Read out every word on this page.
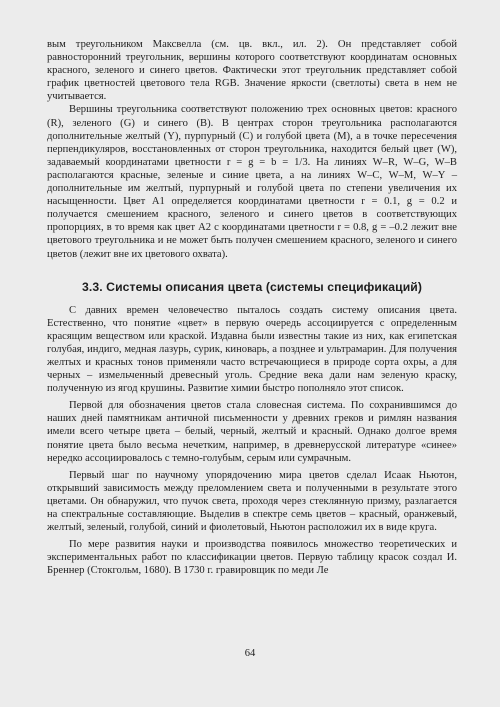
вым треугольником Максвелла (см. цв. вкл., ил. 2). Он представляет собой равносторонний треугольник, вершины которого соответствуют координатам основных красного, зеленого и синего цветов. Фактически этот треугольник представляет собой график цветностей цветового тела RGB. Значение яркости (светлоты) света в нем не учитывается.

Вершины треугольника соответствуют положению трех основных цветов: красного (R), зеленого (G) и синего (B). В центрах сторон треугольника располагаются дополнительные желтый (Y), пурпурный (C) и голубой цвета (M), а в точке пересечения перпендикуляров, восстановленных от сторон треугольника, находится белый цвет (W), задаваемый координатами цветности r = g = b = 1/3. На линиях W–R, W–G, W–B располагаются красные, зеленые и синие цвета, а на линиях W–C, W–M, W–Y – дополнительные им желтый, пурпурный и голубой цвета по степени увеличения их насыщенности. Цвет A1 определяется координатами цветности r = 0.1, g = 0.2 и получается смешением красного, зеленого и синего цветов в соответствующих пропорциях, в то время как цвет A2 с координатами цветности r = 0.8, g = –0.2 лежит вне цветового треугольника и не может быть получен смешением красного, зеленого и синего цветов (лежит вне их цветового охвата).

3.3. Системы описания цвета (системы спецификаций)

С давних времен человечество пыталось создать систему описания цвета. Естественно, что понятие «цвет» в первую очередь ассоциируется с определенным красящим веществом или краской. Издавна были известны такие из них, как египетская голубая, индиго, медная лазурь, сурик, киноварь, а позднее и ультрамарин. Для получения желтых и красных тонов применяли часто встречающиеся в природе сорта охры, а для черных – измельченный древесный уголь. Средние века дали нам зеленую краску, полученную из ягод крушины. Развитие химии быстро пополняло этот список.

Первой для обозначения цветов стала словесная система. По сохранившимся до наших дней памятникам античной письменности у древних греков и римлян названия имели всего четыре цвета – белый, черный, желтый и красный. Однако долгое время понятие цвета было весьма нечетким, например, в древнерусской литературе «синее» нередко ассоциировалось с темно-голубым, серым или сумрачным.

Первый шаг по научному упорядочению мира цветов сделал Исаак Ньютон, открывший зависимость между преломлением света и полученными в результате этого цветами. Он обнаружил, что пучок света, проходя через стеклянную призму, разлагается на спектральные составляющие. Выделив в спектре семь цветов – красный, оранжевый, желтый, зеленый, голубой, синий и фиолетовый, Ньютон расположил их в виде круга.

По мере развития науки и производства появилось множество теоретических и экспериментальных работ по классификации цветов. Первую таблицу красок создал И. Бреннер (Стокгольм, 1680). В 1730 г. гравировщик по меди Ле

64
